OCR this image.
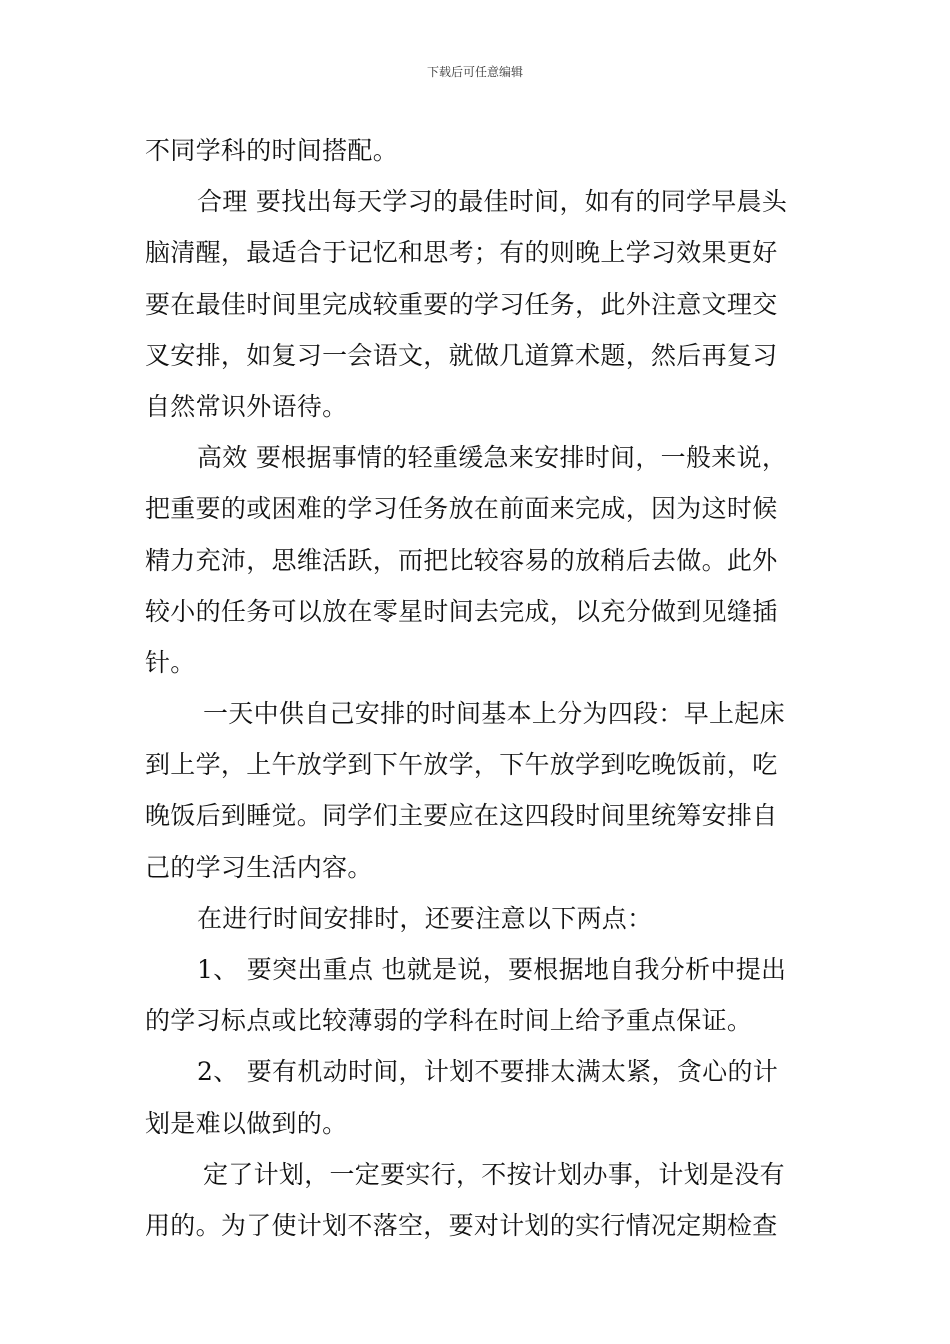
下载后可任意编辑
不同学科的时间搭配。
合理 要找出每天学习的最佳时间，如有的同学早晨头
脑清醒，最适合于记忆和思考；有的则晚上学习效果更好
要在最佳时间里完成较重要的学习任务，此外注意文理交
叉安排，如复习一会语文，就做几道算术题，然后再复习
自然常识外语待。
高效 要根据事情的轻重缓急来安排时间，一般来说，
把重要的或困难的学习任务放在前面来完成，因为这时候
精力充沛，思维活跃，而把比较容易的放稍后去做。此外
较小的任务可以放在零星时间去完成，以充分做到见缝插
针。
一天中供自己安排的时间基本上分为四段：早上起床
到上学，上午放学到下午放学，下午放学到吃晚饭前，吃
晚饭后到睡觉。同学们主要应在这四段时间里统筹安排自
己的学习生活内容。
在进行时间安排时，还要注意以下两点：
1、 要突出重点 也就是说，要根据地自我分析中提出
的学习标点或比较薄弱的学科在时间上给予重点保证。
2、 要有机动时间，计划不要排太满太紧，贪心的计
划是难以做到的。
定了计划，一定要实行，不按计划办事，计划是没有
用的。为了使计划不落空，要对计划的实行情况定期检查
